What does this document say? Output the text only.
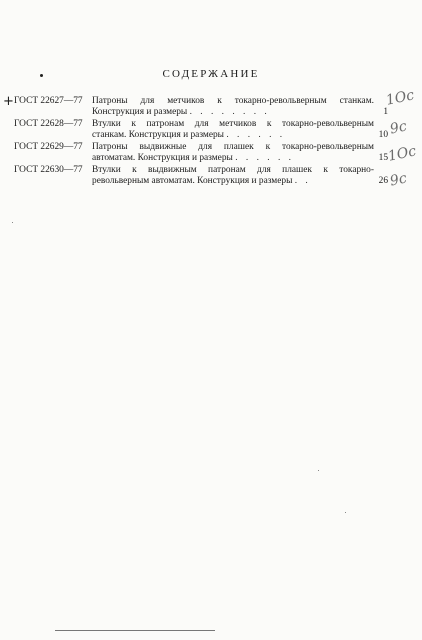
+
СОДЕРЖАНИЕ
ГОСТ 22627—77	Патроны для метчиков к токарно-револьверным станкам.
Конструкция и размеры . . . . . . . .	1
ГОСТ 22628—77	Втулки к патронам для метчиков к токарно-револьверным
станкам. Конструкция и размеры . . . . . .	10
ГОСТ 22629—77	Патроны выдвижные для плашек к токарно-револьверным
автоматам. Конструкция и размеры . . . . . .	15
ГОСТ 22630—77	Втулки к выдвижным патронам для плашек к токарно-
револьверным автоматам. Конструкция и размеры . .	26
1Ос
9с
1Ос
9с
